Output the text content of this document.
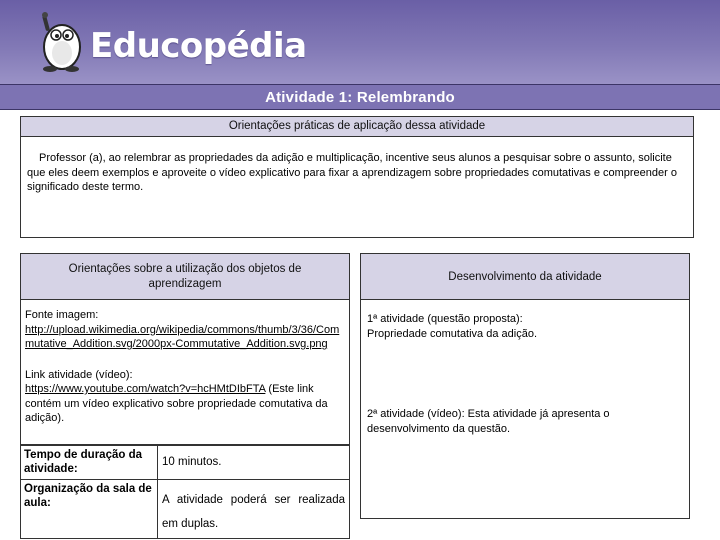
Educopédia
Atividade 1: Relembrando
Orientações práticas de aplicação dessa atividade
Professor (a), ao relembrar as propriedades da adição e multiplicação, incentive seus alunos a pesquisar sobre o assunto, solicite que eles deem exemplos e aproveite o vídeo explicativo para fixar a aprendizagem sobre propriedades comutativas e compreender o significado deste termo.
Orientações sobre a utilização dos objetos de aprendizagem

Fonte imagem:
http://upload.wikimedia.org/wikipedia/commons/thumb/3/36/Commutative_Addition.svg/2000px-Commutative_Addition.svg.png

Link atividade (vídeo):
https://www.youtube.com/watch?v=hcHMtDIbFTA (Este link contém um vídeo explicativo sobre propriedade comutativa da adição).

Tempo de duração da atividade:	10 minutos.
Organização da sala de aula:	A atividade poderá ser realizada em duplas.
Desenvolvimento da atividade
1ª atividade (questão proposta):
Propriedade comutativa da adição.
2ª atividade (vídeo): Esta atividade já apresenta o desenvolvimento da questão.
